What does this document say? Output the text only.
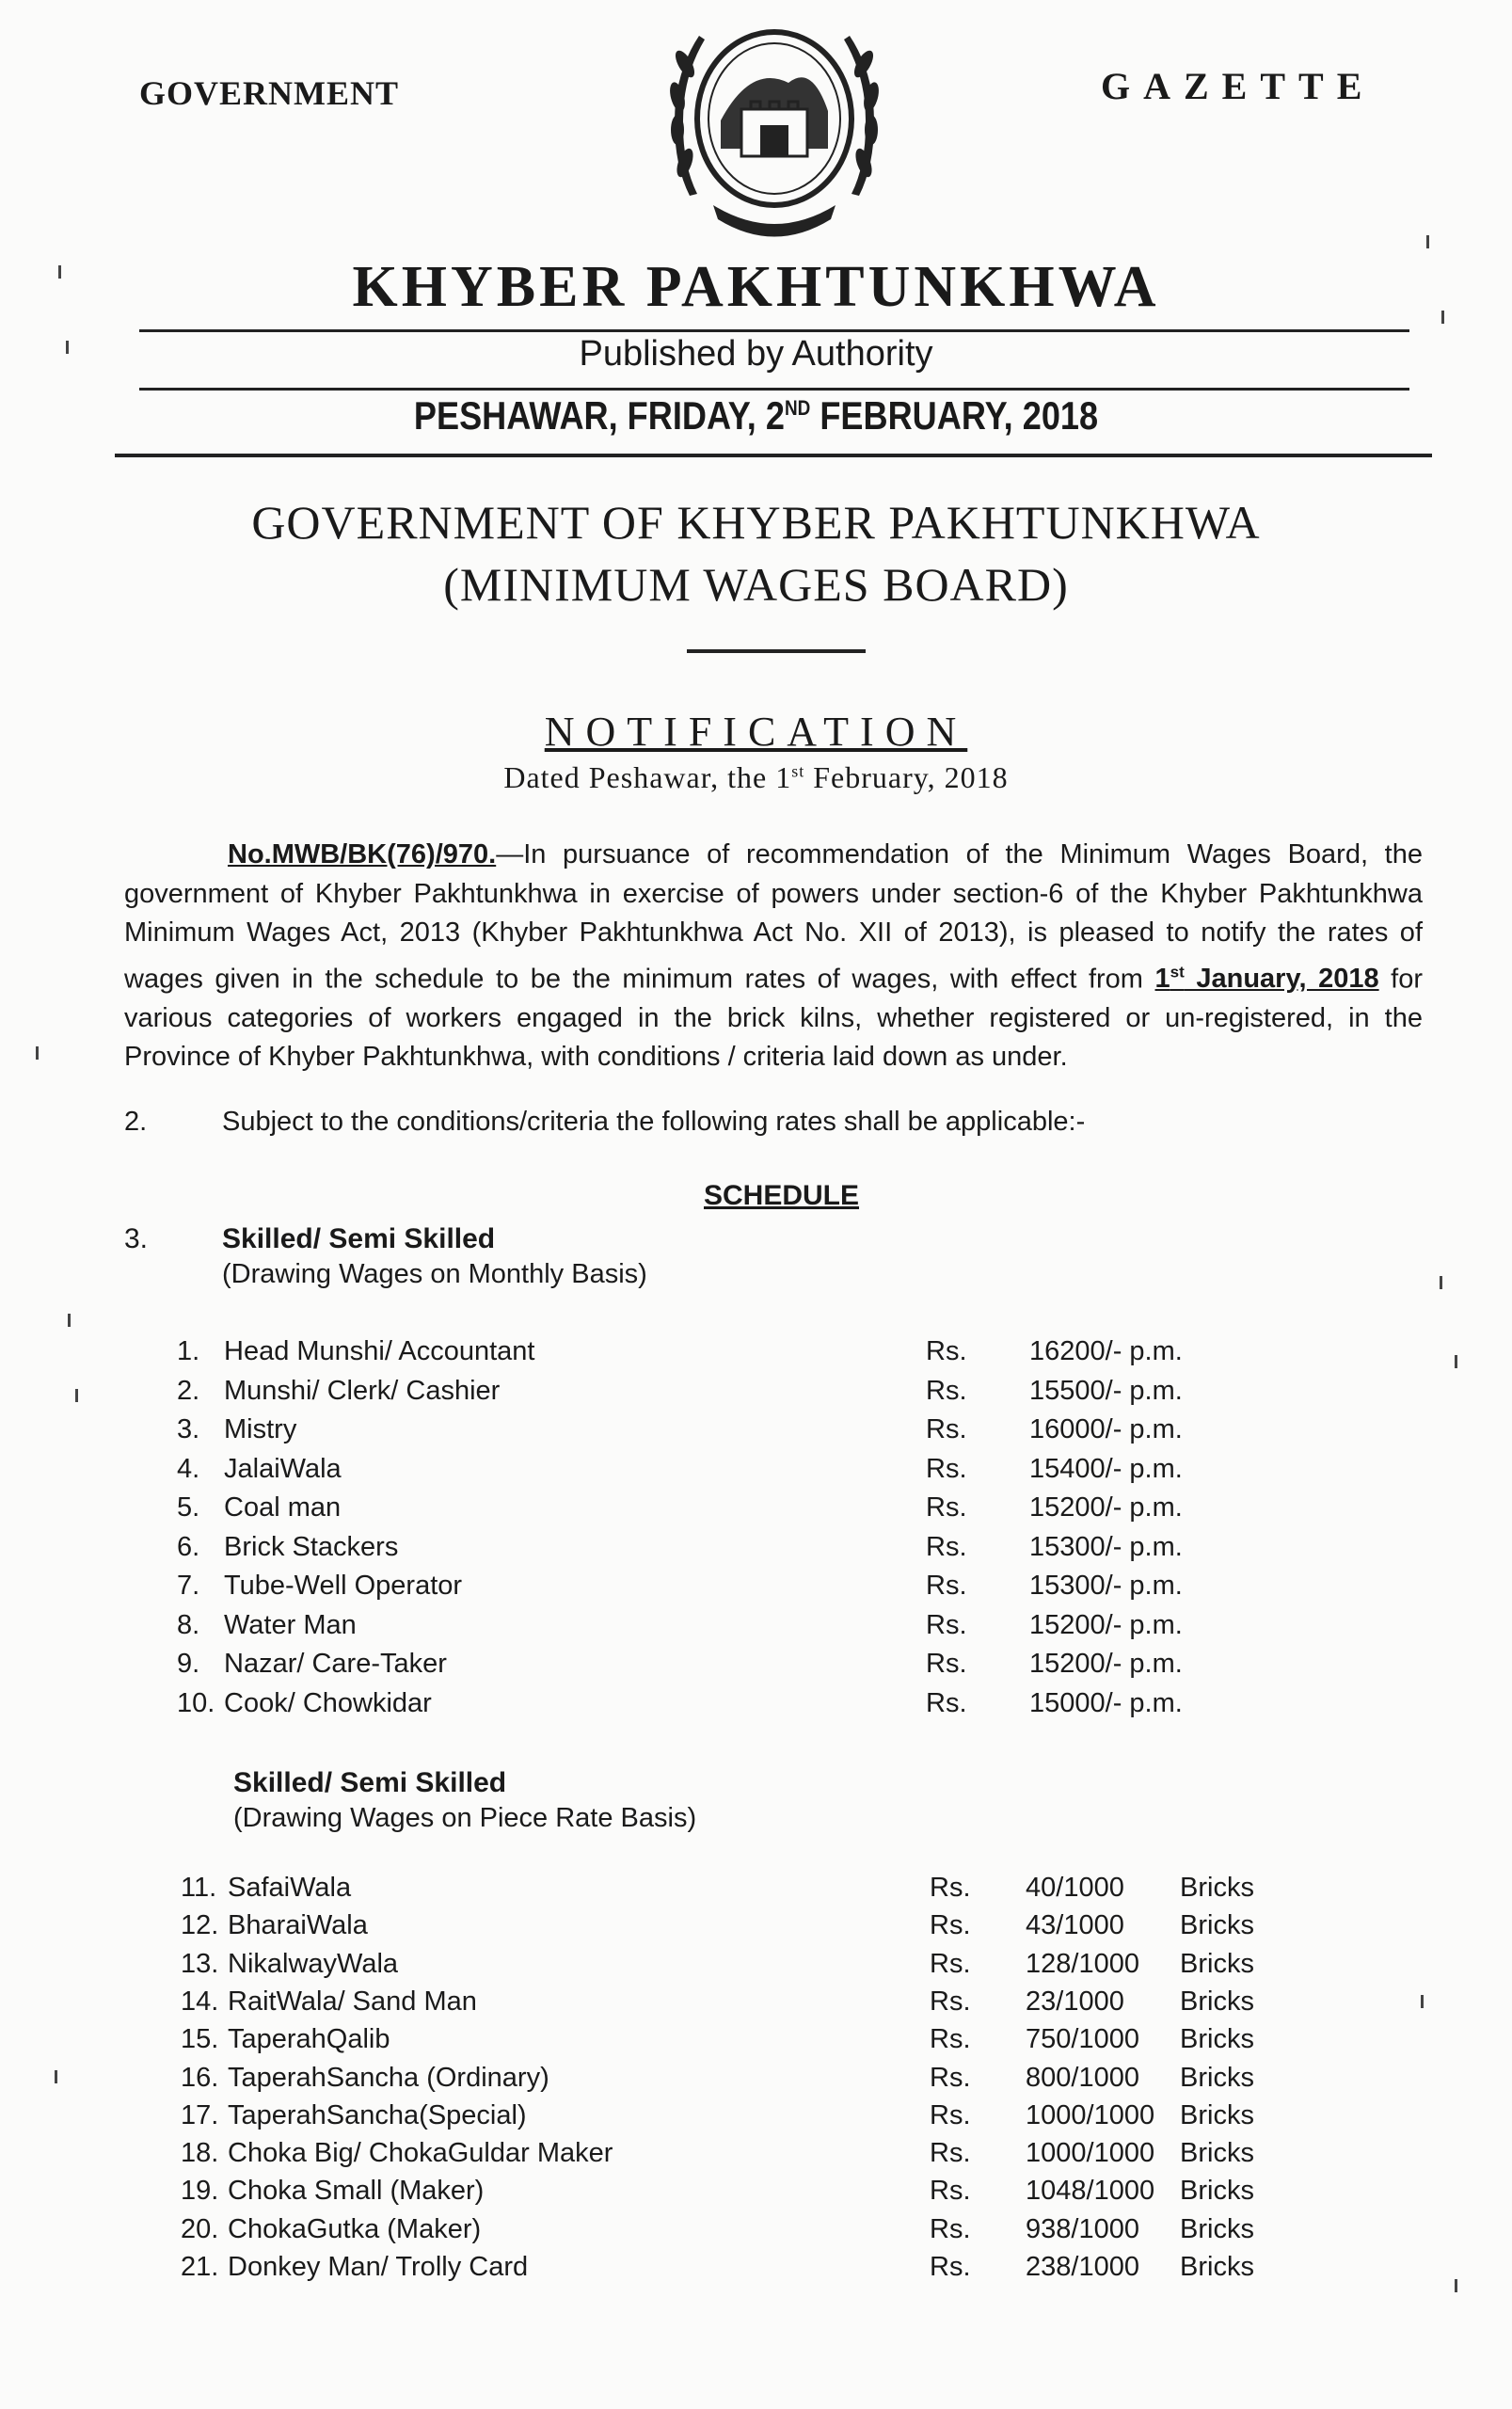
GOVERNMENT	GAZETTE
KHYBER PAKHTUNKHWA
Published by Authority
PESHAWAR, FRIDAY, 2ND FEBRUARY, 2018
GOVERNMENT OF KHYBER PAKHTUNKHWA
(MINIMUM WAGES BOARD)
NOTIFICATION
Dated Peshawar, the 1st February, 2018
No.MWB/BK(76)/970.—In pursuance of recommendation of the Minimum Wages Board, the government of Khyber Pakhtunkhwa in exercise of powers under section-6 of the Khyber Pakhtunkhwa Minimum Wages Act, 2013 (Khyber Pakhtunkhwa Act No. XII of 2013), is pleased to notify the rates of wages given in the schedule to be the minimum rates of wages, with effect from 1st January, 2018 for various categories of workers engaged in the brick kilns, whether registered or un-registered, in the Province of Khyber Pakhtunkhwa, with conditions / criteria laid down as under.
2.	Subject to the conditions/criteria the following rates shall be applicable:-
SCHEDULE
3.	Skilled/ Semi Skilled
(Drawing Wages on Monthly Basis)
1. Head Munshi/ Accountant	Rs. 16200/- p.m.
2. Munshi/ Clerk/ Cashier	Rs. 15500/- p.m.
3. Mistry	Rs. 16000/- p.m.
4. JalaiWala	Rs. 15400/- p.m.
5. Coal man	Rs. 15200/- p.m.
6. Brick Stackers	Rs. 15300/- p.m.
7. Tube-Well Operator	Rs. 15300/- p.m.
8. Water Man	Rs. 15200/- p.m.
9. Nazar/ Care-Taker	Rs. 15200/- p.m.
10. Cook/ Chowkidar	Rs. 15000/- p.m.
Skilled/ Semi Skilled
(Drawing Wages on Piece Rate Basis)
11. SafaiWala	Rs. 40/1000 Bricks
12. BharaiWala	Rs. 43/1000 Bricks
13. NikalwayWala	Rs. 128/1000 Bricks
14. RaitWala/ Sand Man	Rs. 23/1000 Bricks
15. TaperahQalib	Rs. 750/1000 Bricks
16. TaperahSancha (Ordinary)	Rs. 800/1000 Bricks
17. TaperahSancha(Special)	Rs. 1000/1000 Bricks
18. Choka Big/ ChokaGuldar Maker	Rs. 1000/1000 Bricks
19. Choka Small (Maker)	Rs. 1048/1000 Bricks
20. ChokaGutka (Maker)	Rs. 938/1000 Bricks
21. Donkey Man/ Trolly Card	Rs. 238/1000 Bricks
